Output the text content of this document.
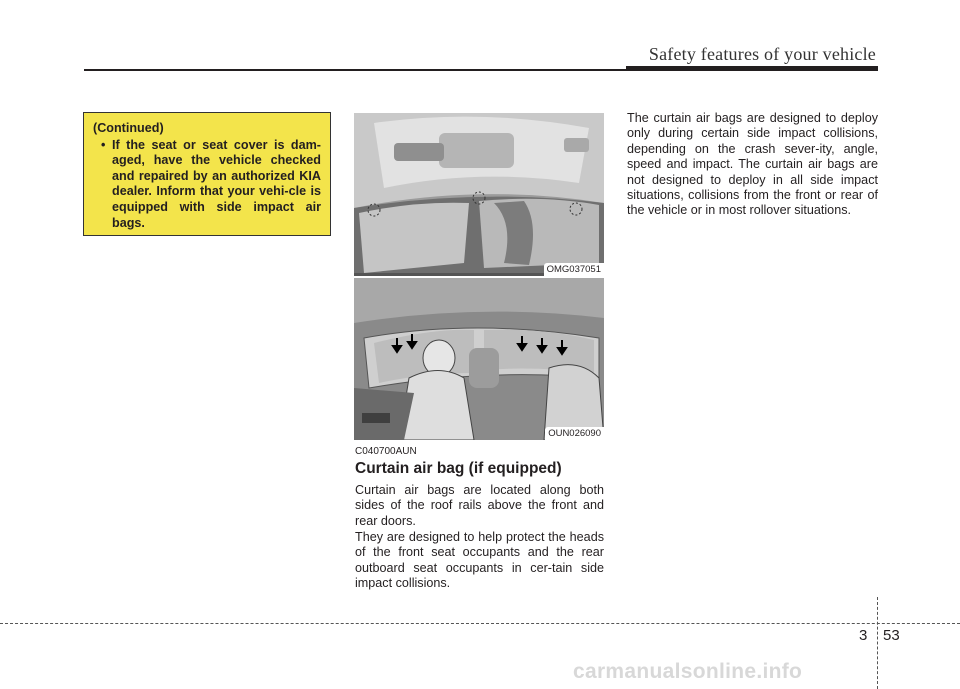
Safety features of your vehicle
(Continued)
• If the seat or seat cover is dam-aged, have the vehicle checked and repaired by an authorized KIA dealer. Inform that your vehi-cle is equipped with side impact air bags.
OMG037051
OUN026090
C040700AUN
Curtain air bag (if equipped)
Curtain air bags are located along both sides of the roof rails above the front and rear doors.
They are designed to help protect the heads of the front seat occupants and the rear outboard seat occupants in cer-tain side impact collisions.
The curtain air bags are designed to deploy only during certain side impact collisions, depending on the crash sever-ity, angle, speed and impact. The curtain air bags are not designed to deploy in all side impact situations, collisions from the front or rear of the vehicle or in most rollover situations.
3 53
carmanualsonline.info
